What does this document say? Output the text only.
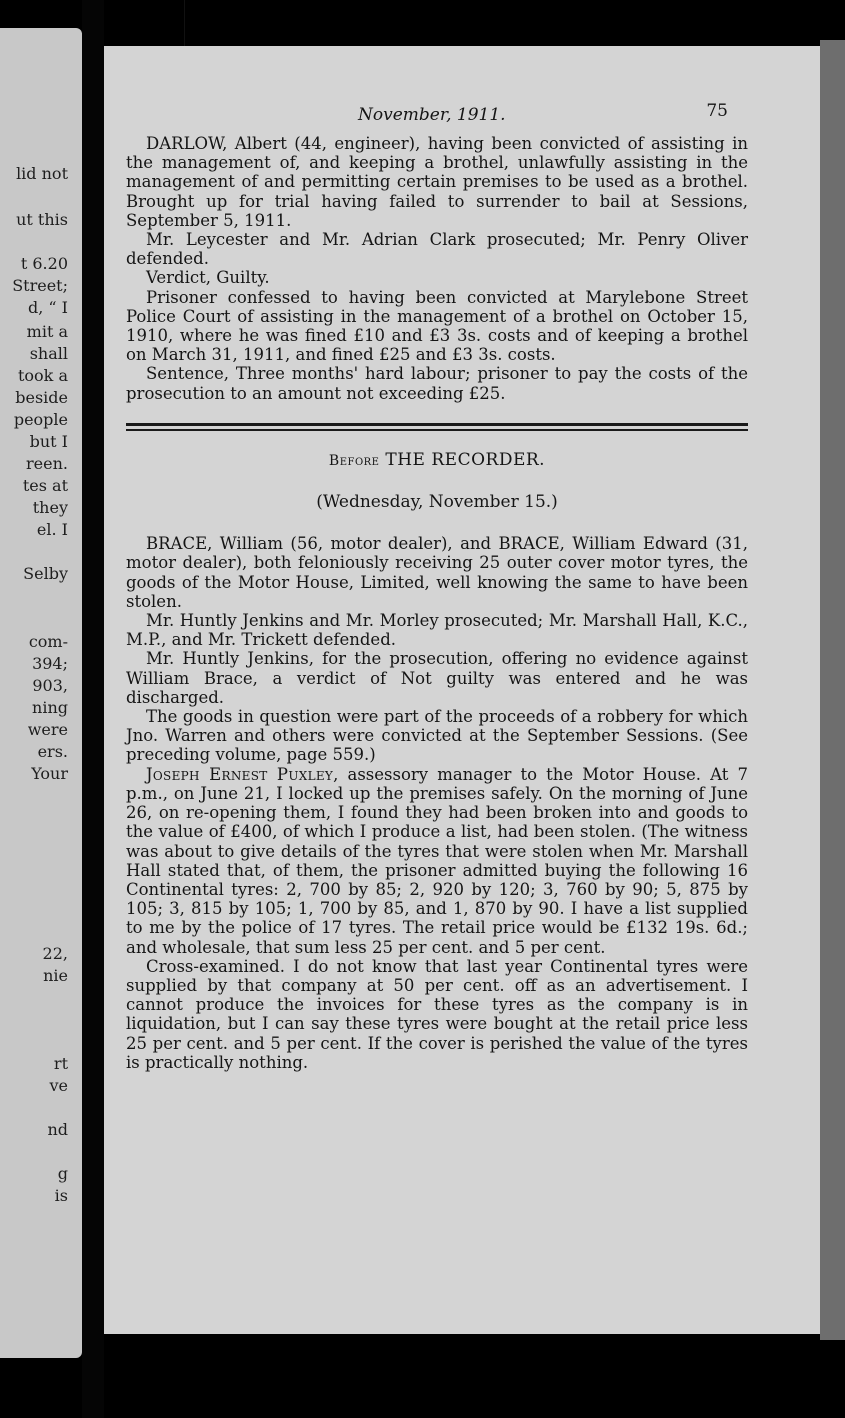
lid not
ut this
t 6.20
Street;
d, “ I
mit a
shall
took a
beside
people
but I
reen.
tes at
they
el. I
Selby
com-
394;
903,
ning
were
ers.
Your
22,
nie
rt
ve
nd
g
is
November, 1911.	75

DARLOW, Albert (44, engineer), having been convicted of assisting in the management of, and keeping a brothel, unlawfully assisting in the management of and permitting certain premises to be used as a brothel. Brought up for trial having failed to surrender to bail at Sessions, September 5, 1911.

Mr. Leycester and Mr. Adrian Clark prosecuted; Mr. Penry Oliver defended.

Verdict, Guilty.

Prisoner confessed to having been convicted at Marylebone Street Police Court of assisting in the management of a brothel on October 15, 1910, where he was fined £10 and £3 3s. costs and of keeping a brothel on March 31, 1911, and fined £25 and £3 3s. costs.

Sentence, Three months' hard labour; prisoner to pay the costs of the prosecution to an amount not exceeding £25.

Before THE RECORDER.
(Wednesday, November 15.)

BRACE, William (56, motor dealer), and BRACE, William Edward (31, motor dealer), both feloniously receiving 25 outer cover motor tyres, the goods of the Motor House, Limited, well knowing the same to have been stolen.

Mr. Huntly Jenkins and Mr. Morley prosecuted; Mr. Marshall Hall, K.C., M.P., and Mr. Trickett defended.

Mr. Huntly Jenkins, for the prosecution, offering no evidence against William Brace, a verdict of Not guilty was entered and he was discharged.

The goods in question were part of the proceeds of a robbery for which Jno. Warren and others were convicted at the September Sessions. (See preceding volume, page 559.)

Joseph Ernest Puxley, assessory manager to the Motor House. At 7 p.m., on June 21, I locked up the premises safely. On the morning of June 26, on re-opening them, I found they had been broken into and goods to the value of £400, of which I produce a list, had been stolen. (The witness was about to give details of the tyres that were stolen when Mr. Marshall Hall stated that, of them, the prisoner admitted buying the following 16 Continental tyres: 2, 700 by 85; 2, 920 by 120; 3, 760 by 90; 5, 875 by 105; 3, 815 by 105; 1, 700 by 85, and 1, 870 by 90. I have a list supplied to me by the police of 17 tyres. The retail price would be £132 19s. 6d.; and wholesale, that sum less 25 per cent. and 5 per cent.

Cross-examined. I do not know that last year Continental tyres were supplied by that company at 50 per cent. off as an advertisement. I cannot produce the invoices for these tyres as the company is in liquidation, but I can say these tyres were bought at the retail price less 25 per cent. and 5 per cent. If the cover is perished the value of the tyres is practically nothing.
